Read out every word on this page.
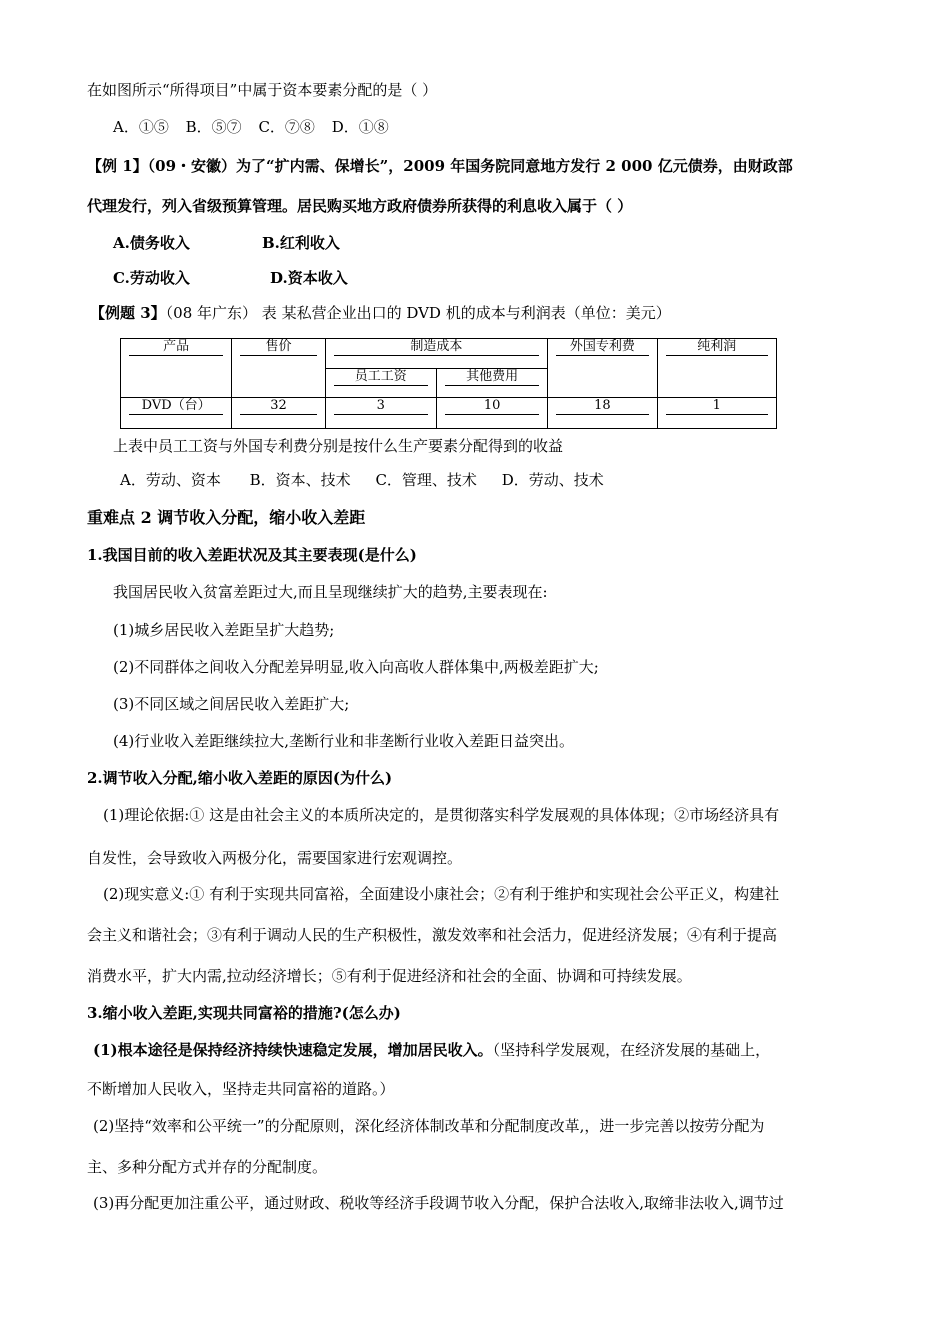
在如图所示“所得项目”中属于资本要素分配的是（ ）
A．①⑤ B．⑤⑦ C．⑦⑧ D．①⑧
【例 1】（09・安徽）为了“扩内需、保增长”，2009 年国务院同意地方发行 2 000 亿元债券，由财政部
代理发行，列入省级预算管理。居民购买地方政府债券所获得的利息收入属于（ ）
A.债务收入	B.红利收入
C.劳动收入	D.资本收入
【例题 3】（08 年广东） 表 某私营企业出口的 DVD 机的成本与利润表（单位：美元）
产品	售价	制造成本		外国专利费	纯利润

		员工工资	其他费用		

DVD（台）	32	3	10	18	1
上表中员工工资与外国专利费分别是按什么生产要素分配得到的收益
A．劳动、资本 B．资本、技术 C．管理、技术 D．劳动、技术
重难点 2 调节收入分配，缩小收入差距
1.我国目前的收入差距状况及其主要表现(是什么)
我国居民收入贫富差距过大,而且呈现继续扩大的趋势,主要表现在:
(1)城乡居民收入差距呈扩大趋势;
(2)不同群体之间收入分配差异明显,收入向高收人群体集中,两极差距扩大;
(3)不同区域之间居民收入差距扩大;
(4)行业收入差距继续拉大,垄断行业和非垄断行业收入差距日益突出。
2.调节收入分配,缩小收入差距的原因(为什么)
(1)理论依据:① 这是由社会主义的本质所决定的，是贯彻落实科学发展观的具体体现；②市场经济具有
自发性，会导致收入两极分化，需要国家进行宏观调控。
(2)现实意义:① 有利于实现共同富裕，全面建设小康社会；②有利于维护和实现社会公平正义，构建社
会主义和谐社会；③有利于调动人民的生产积极性，激发效率和社会活力，促进经济发展；④有利于提高
消费水平，扩大内需,拉动经济增长；⑤有利于促进经济和社会的全面、协调和可持续发展。
3.缩小收入差距,实现共同富裕的措施?(怎么办)
(1)根本途径是保持经济持续快速稳定发展，增加居民收入。（坚持科学发展观，在经济发展的基础上，
不断增加人民收入，坚持走共同富裕的道路。）
(2)坚持“效率和公平统一”的分配原则，深化经济体制改革和分配制度改革,，进一步完善以按劳分配为
主、多种分配方式并存的分配制度。
(3)再分配更加注重公平，通过财政、税收等经济手段调节收入分配，保护合法收入,取缔非法收入,调节过
